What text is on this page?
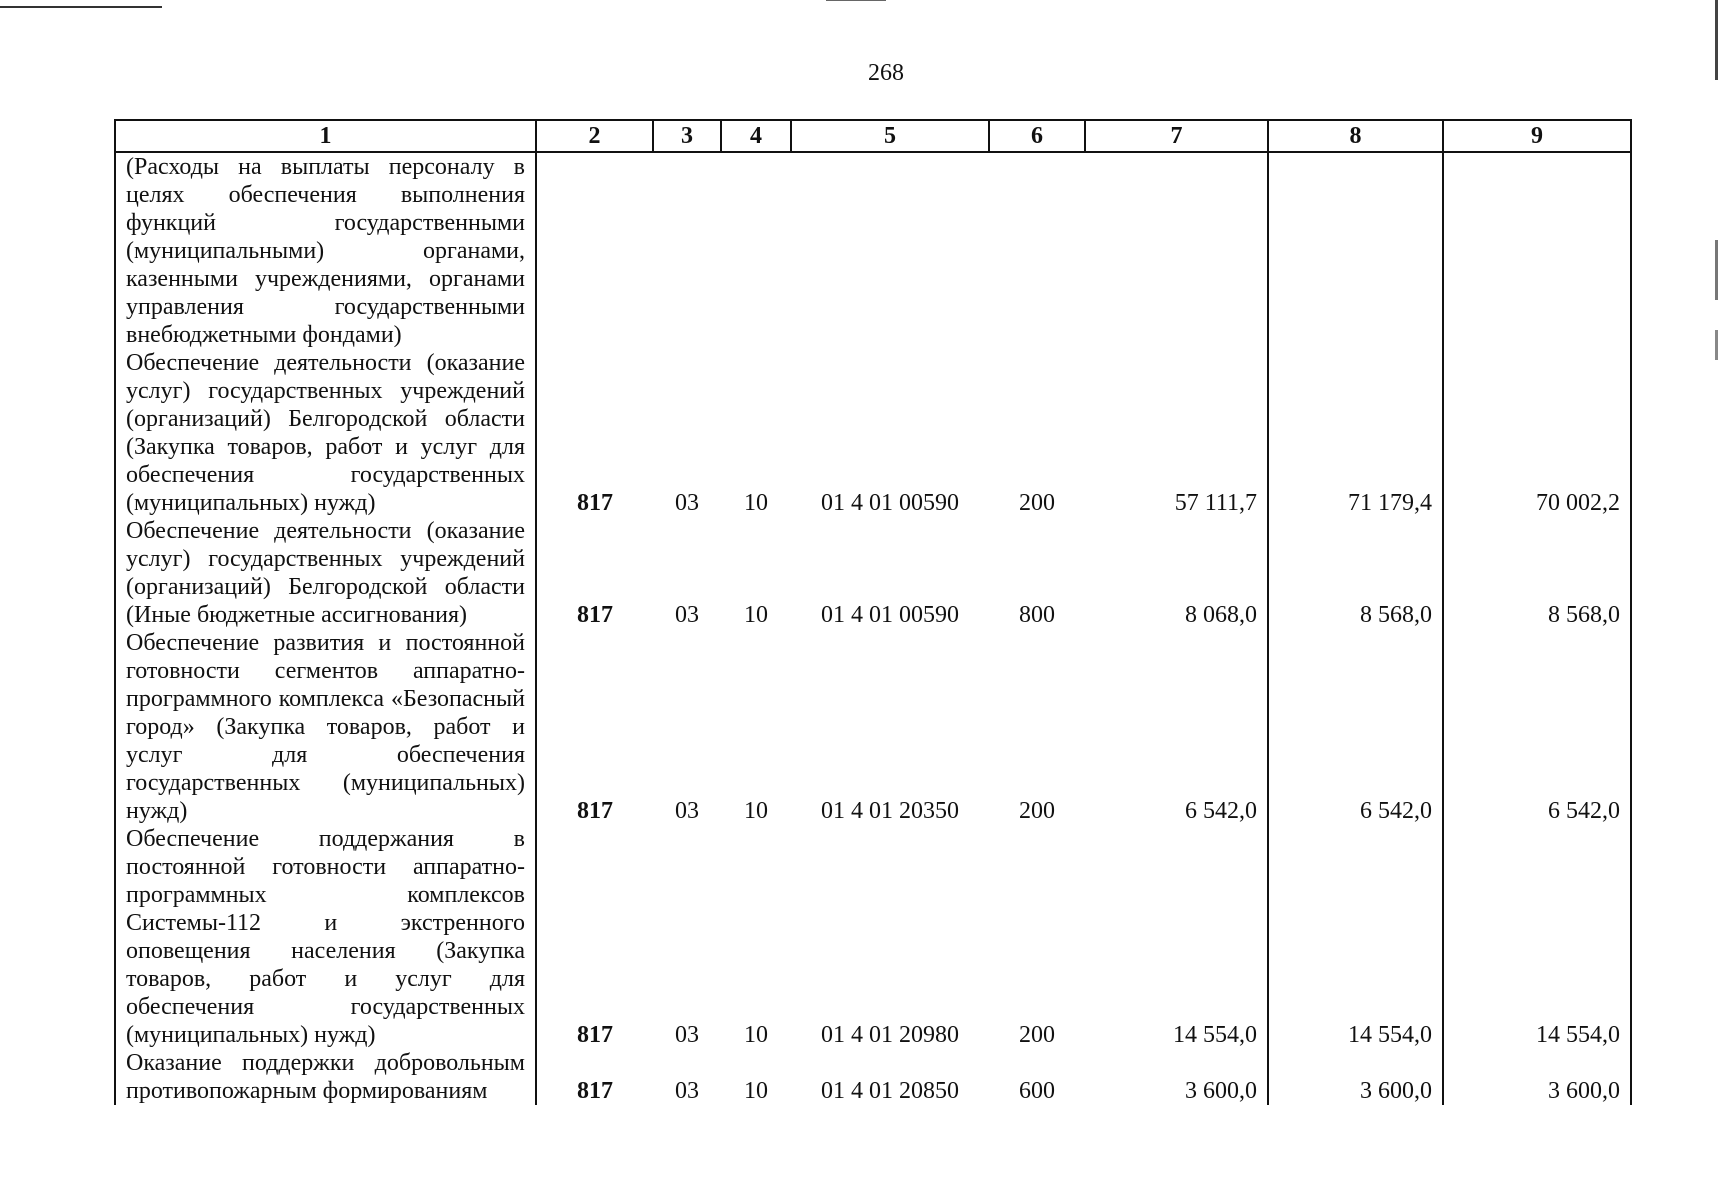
268
1	2	3	4	5	6	7	8	9
(Расходы на выплаты персоналу в целях обеспечения выполнения функций государственными (муниципальными) органами, казенными учреждениями, органами управления государственными внебюджетными фондами)								
Обеспечение деятельности (оказание услуг) государственных учреждений (организаций) Белгородской области (Закупка товаров, работ и услуг для обеспечения государственных (муниципальных) нужд)	817	03	10	01 4 01 00590	200	57 111,7	71 179,4	70 002,2
Обеспечение деятельности (оказание услуг) государственных учреждений (организаций) Белгородской области (Иные бюджетные ассигнования)	817	03	10	01 4 01 00590	800	8 068,0	8 568,0	8 568,0
Обеспечение развития и постоянной готовности сегментов аппаратно-программного комплекса «Безопасный город» (Закупка товаров, работ и услуг для обеспечения государственных (муниципальных) нужд)	817	03	10	01 4 01 20350	200	6 542,0	6 542,0	6 542,0
Обеспечение поддержания в постоянной готовности аппаратно-программных комплексов Системы-112 и экстренного оповещения населения (Закупка товаров, работ и услуг для обеспечения государственных (муниципальных) нужд)	817	03	10	01 4 01 20980	200	14 554,0	14 554,0	14 554,0
Оказание поддержки добровольным противопожарным формированиям	817	03	10	01 4 01 20850	600	3 600,0	3 600,0	3 600,0
